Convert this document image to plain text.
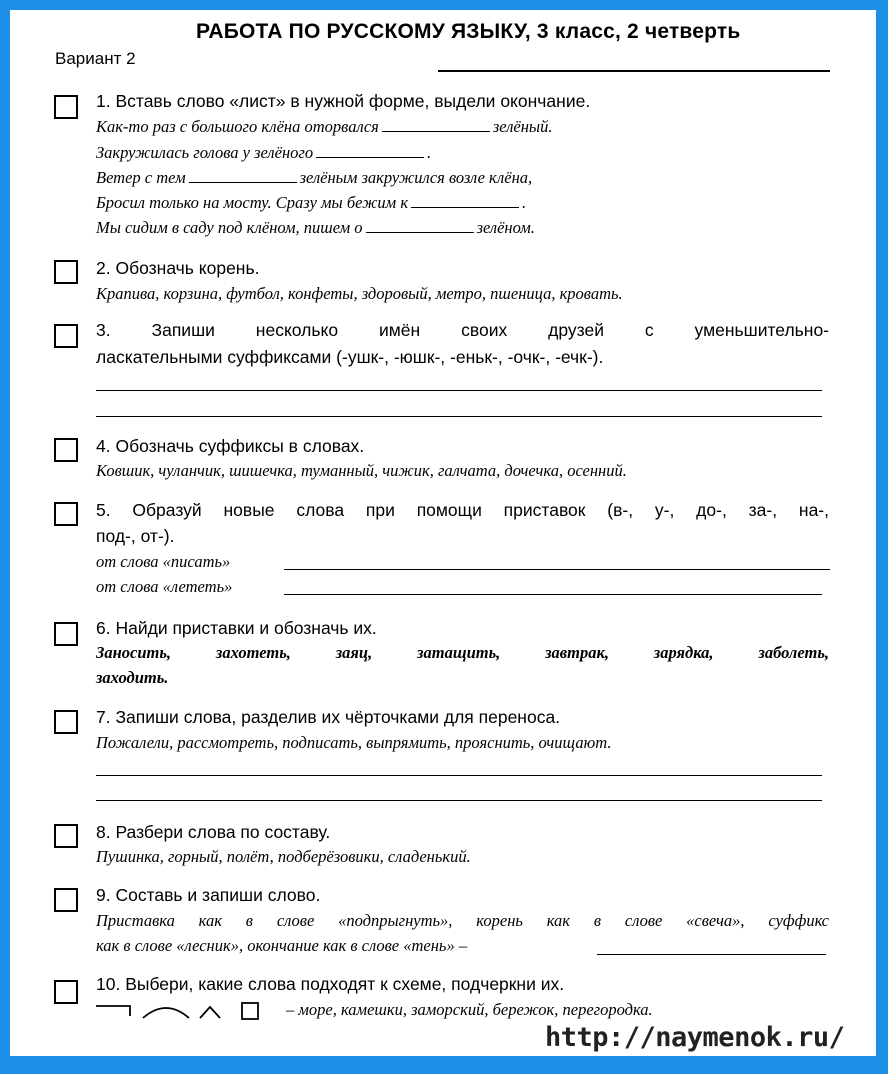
РАБОТА ПО РУССКОМУ ЯЗЫКУ, 3 класс, 2 четверть
Вариант 2
1. Вставь слово «лист» в нужной форме, выдели окончание.
Как-то раз с большого клёна оторвался	зелёный.
Закружилась голова у зелёного	.
Ветер с тем	зелёным закружился возле клёна,
Бросил только на мосту. Сразу мы бежим к	.
Мы сидим в саду под клёном, пишем о	зелёном.
2. Обозначь корень.
Крапива, корзина, футбол, конфеты, здоровый, метро, пшеница, кровать.
3. Запиши несколько имён своих друзей с уменьшительно-
ласкательными суффиксами (-ушк-, -юшк-, -еньк-, -очк-, -ечк-).
4. Обозначь суффиксы в словах.
Ковшик, чуланчик, шишечка, туманный, чижик, галчата, дочечка, осенний.
5. Образуй новые слова при помощи приставок (в-, у-, до-, за-, на-,
под-, от-).
от слова «писать»
от слова «лететь»
6. Найди приставки и обозначь их.
Заносить, захотеть, заяц, затащить, завтрак, зарядка, заболеть,
заходить.
7. Запиши слова, разделив их чёрточками для переноса.
Пожалели, рассмотреть, подписать, выпрямить, прояснить, очищают.
8. Разбери слова по составу.
Пушинка, горный, полёт, подберёзовики, сладенький.
9. Составь и запиши слово.
Приставка как в слове «подпрыгнуть», корень как в слове «свеча», суффикс
как в слове «лесник», окончание как в слове «тень» –
10. Выбери, какие слова подходят к схеме, подчеркни их.
– море, камешки, заморский, бережок, перегородка.
http://naymenok.ru/
